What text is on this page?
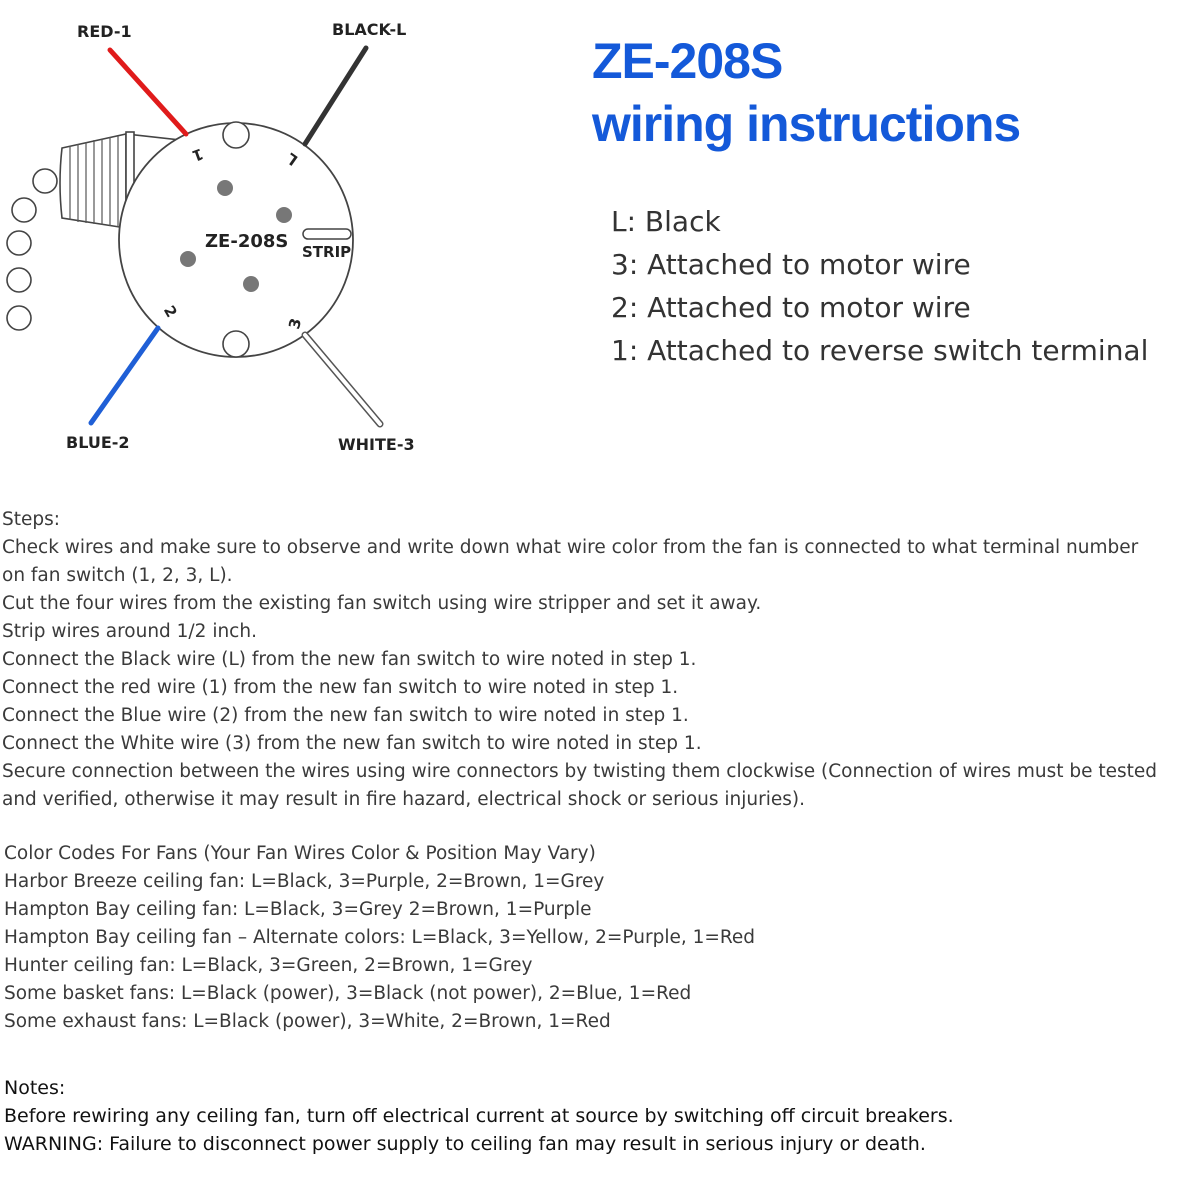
RED-1	BLACK-L
BLUE-2	WHITE-3
ZE-208S STRIP
1	L
2
3
ZE-208S
wiring instructions
L: Black
3: Attached to motor wire
2: Attached to motor wire
1: Attached to reverse switch terminal

Steps:

Check wires and make sure to observe and write down what wire color from the fan is connected to what terminal number

on fan switch (1, 2, 3, L).

Cut the four wires from the existing fan switch using wire stripper and set it away.

Strip wires around 1/2 inch.

Connect the Black wire (L) from the new fan switch to wire noted in step 1.

Connect the red wire (1) from the new fan switch to wire noted in step 1.

Connect the Blue wire (2) from the new fan switch to wire noted in step 1.

Connect the White wire (3) from the new fan switch to wire noted in step 1.

Secure connection between the wires using wire connectors by twisting them clockwise (Connection of wires must be tested

and verified, otherwise it may result in fire hazard, electrical shock or serious injuries).

Color Codes For Fans (Your Fan Wires Color & Position May Vary)

Harbor Breeze ceiling fan: L=Black, 3=Purple, 2=Brown, 1=Grey

Hampton Bay ceiling fan: L=Black, 3=Grey 2=Brown, 1=Purple

Hampton Bay ceiling fan – Alternate colors: L=Black, 3=Yellow, 2=Purple, 1=Red

Hunter ceiling fan: L=Black, 3=Green, 2=Brown, 1=Grey

Some basket fans: L=Black (power), 3=Black (not power), 2=Blue, 1=Red

Some exhaust fans: L=Black (power), 3=White, 2=Brown, 1=Red

Notes:

Before rewiring any ceiling fan, turn off electrical current at source by switching off circuit breakers.

WARNING: Failure to disconnect power supply to ceiling fan may result in serious injury or death.
